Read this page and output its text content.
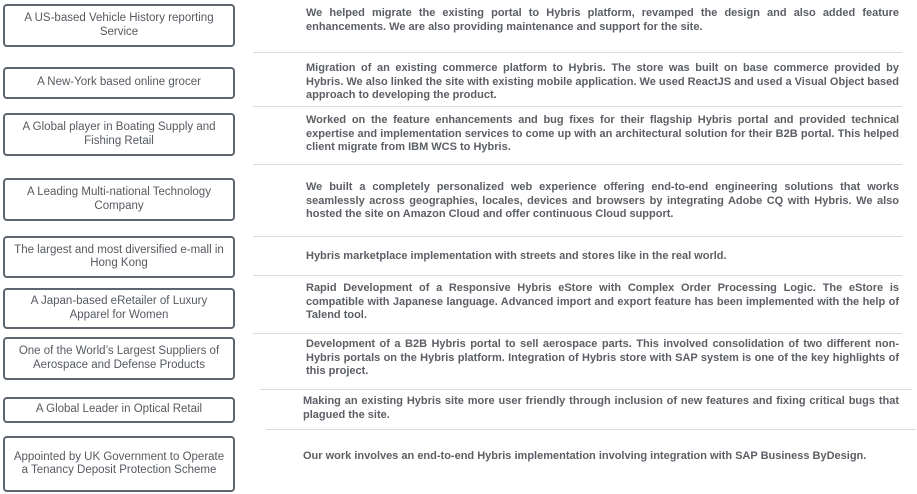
A US-based Vehicle History reporting Service
We helped migrate the existing portal to Hybris platform, revamped the design and also added feature enhancements. We are also providing maintenance and support for the site.
A New-York based online grocer
Migration of an existing commerce platform to Hybris. The store was built on base commerce provided by Hybris. We also linked the site with existing mobile application. We used ReactJS and used a Visual Object based approach to developing the product.
A Global player in Boating Supply and Fishing Retail
Worked on the feature enhancements and bug fixes for their flagship Hybris portal and provided technical expertise and implementation services to come up with an architectural solution for their B2B portal. This helped client migrate from IBM WCS to Hybris.
A Leading Multi-national Technology Company
We built a completely personalized web experience offering end-to-end engineering solutions that works seamlessly across geographies, locales, devices and browsers by integrating Adobe CQ with Hybris. We also hosted the site on Amazon Cloud and offer continuous Cloud support.
The largest and most diversified e-mall in Hong Kong
Hybris marketplace implementation with streets and stores like in the real world.
A Japan-based eRetailer of Luxury Apparel for Women
Rapid Development of a Responsive Hybris eStore with Complex Order Processing Logic. The eStore is compatible with Japanese language. Advanced import and export feature has been implemented with the help of Talend tool.
One of the World’s Largest Suppliers of Aerospace and Defense Products
Development of a B2B Hybris portal to sell aerospace parts. This involved consolidation of two different non-Hybris portals on the Hybris platform. Integration of Hybris store with SAP system is one of the key highlights of this project.
A Global Leader in Optical Retail
Making an existing Hybris site more user friendly through inclusion of new features and fixing critical bugs that plagued the site.
Appointed by UK Government to Operate a Tenancy Deposit Protection Scheme
Our work involves an end-to-end Hybris implementation involving integration with SAP Business ByDesign.
